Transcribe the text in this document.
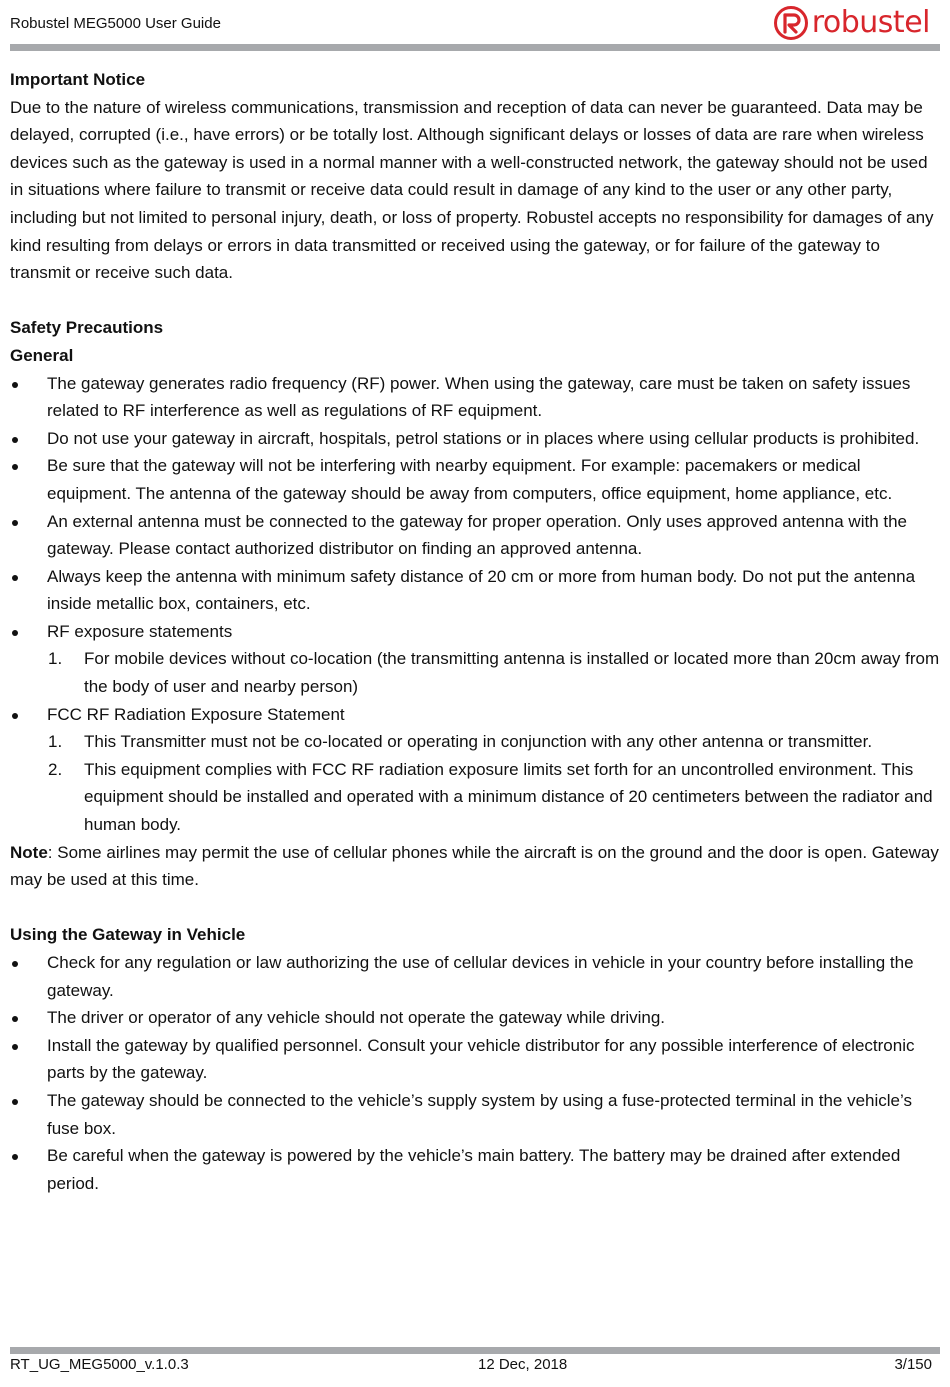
Robustel MEG5000 User Guide	robustel

Important Notice

Due to the nature of wireless communications, transmission and reception of data can never be guaranteed. Data may be delayed, corrupted (i.e., have errors) or be totally lost. Although significant delays or losses of data are rare when wireless devices such as the gateway is used in a normal manner with a well-constructed network, the gateway should not be used in situations where failure to transmit or receive data could result in damage of any kind to the user or any other party, including but not limited to personal injury, death, or loss of property. Robustel accepts no responsibility for damages of any kind resulting from delays or errors in data transmitted or received using the gateway, or for failure of the gateway to transmit or receive such data.

Safety Precautions

General

The gateway generates radio frequency (RF) power. When using the gateway, care must be taken on safety issues related to RF interference as well as regulations of RF equipment.
Do not use your gateway in aircraft, hospitals, petrol stations or in places where using cellular products is prohibited.
Be sure that the gateway will not be interfering with nearby equipment. For example: pacemakers or medical equipment. The antenna of the gateway should be away from computers, office equipment, home appliance, etc.
An external antenna must be connected to the gateway for proper operation. Only uses approved antenna with the gateway. Please contact authorized distributor on finding an approved antenna.
Always keep the antenna with minimum safety distance of 20 cm or more from human body. Do not put the antenna inside metallic box, containers, etc.
RF exposure statements
1. For mobile devices without co-location (the transmitting antenna is installed or located more than 20cm away from the body of user and nearby person)
FCC RF Radiation Exposure Statement
1. This Transmitter must not be co-located or operating in conjunction with any other antenna or transmitter.
2. This equipment complies with FCC RF radiation exposure limits set forth for an uncontrolled environment. This equipment should be installed and operated with a minimum distance of 20 centimeters between the radiator and human body.

Note: Some airlines may permit the use of cellular phones while the aircraft is on the ground and the door is open. Gateway may be used at this time.

Using the Gateway in Vehicle

Check for any regulation or law authorizing the use of cellular devices in vehicle in your country before installing the gateway.
The driver or operator of any vehicle should not operate the gateway while driving.
Install the gateway by qualified personnel. Consult your vehicle distributor for any possible interference of electronic parts by the gateway.
The gateway should be connected to the vehicle’s supply system by using a fuse-protected terminal in the vehicle’s fuse box.
Be careful when the gateway is powered by the vehicle’s main battery. The battery may be drained after extended period.
RT_UG_MEG5000_v.1.0.3	12 Dec, 2018	3/150
